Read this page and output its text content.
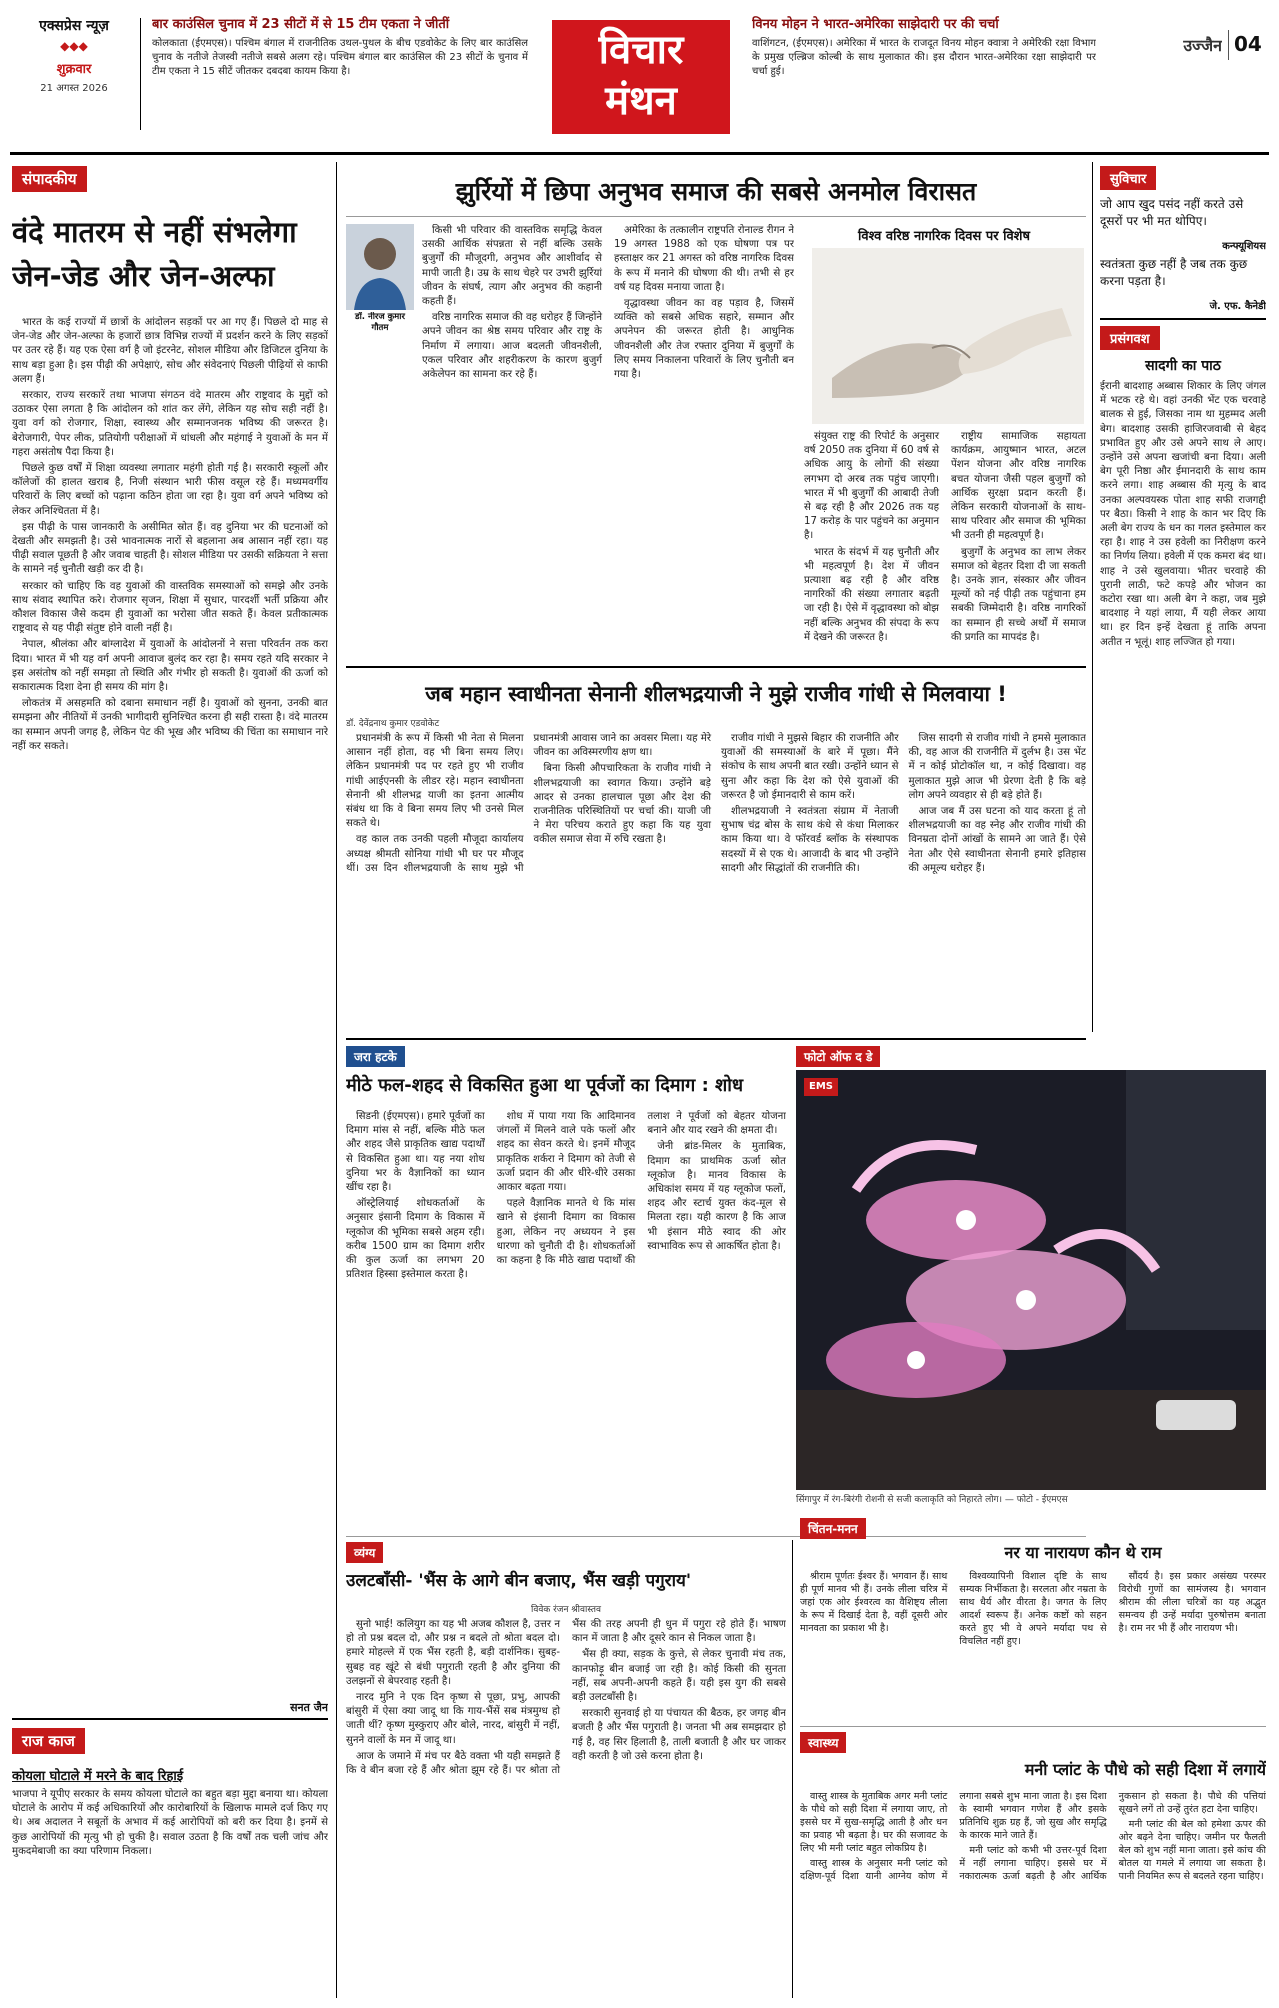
एक्सप्रेस न्यूज़
◆◆◆
शुक्रवार
21 अगस्त 2026
बार काउंसिल चुनाव में 23 सीटों में से 15 टीम एकता ने जीतीं
कोलकाता (ईएमएस)। पश्चिम बंगाल में राजनीतिक उथल-पुथल के बीच एडवोकेट के लिए बार काउंसिल चुनाव के नतीजे तेजस्वी नतीजे सबसे अलग रहे। पश्चिम बंगाल बार काउंसिल की 23 सीटों के चुनाव में टीम एकता ने 15 सीटें जीतकर दबदबा कायम किया है।	विचार
मंथन
विनय मोहन ने भारत-अमेरिका साझेदारी पर की चर्चा
वाशिंगटन, (ईएमएस)। अमेरिका में भारत के राजदूत विनय मोहन क्वात्रा ने अमेरिकी रक्षा विभाग के प्रमुख एल्ब्रिज कोल्बी के साथ मुलाकात की। इस दौरान भारत-अमेरिका रक्षा साझेदारी पर चर्चा हुई।
उज्जैन 04
संपादकीय
वंदे मातरम से नहीं संभलेगा जेन-जेड और जेन-अल्फा

भारत के कई राज्यों में छात्रों के आंदोलन सड़कों पर आ गए हैं। पिछले दो माह से जेन-जेड और जेन-अल्फा के हजारों छात्र विभिन्न राज्यों में प्रदर्शन करने के लिए सड़कों पर उतर रहे हैं। यह एक ऐसा वर्ग है जो इंटरनेट, सोशल मीडिया और डिजिटल दुनिया के साथ बड़ा हुआ है। इस पीढ़ी की अपेक्षाएं, सोच और संवेदनाएं पिछली पीढ़ियों से काफी अलग हैं।

सरकार, राज्य सरकारें तथा भाजपा संगठन वंदे मातरम और राष्ट्रवाद के मुद्दों को उठाकर ऐसा लगता है कि आंदोलन को शांत कर लेंगे, लेकिन यह सोच सही नहीं है। युवा वर्ग को रोजगार, शिक्षा, स्वास्थ्य और सम्मानजनक भविष्य की जरूरत है। बेरोजगारी, पेपर लीक, प्रतियोगी परीक्षाओं में धांधली और महंगाई ने युवाओं के मन में गहरा असंतोष पैदा किया है।

पिछले कुछ वर्षों में शिक्षा व्यवस्था लगातार महंगी होती गई है। सरकारी स्कूलों और कॉलेजों की हालत खराब है, निजी संस्थान भारी फीस वसूल रहे हैं। मध्यमवर्गीय परिवारों के लिए बच्चों को पढ़ाना कठिन होता जा रहा है। युवा वर्ग अपने भविष्य को लेकर अनिश्चितता में है।

इस पीढ़ी के पास जानकारी के असीमित स्रोत हैं। वह दुनिया भर की घटनाओं को देखती और समझती है। उसे भावनात्मक नारों से बहलाना अब आसान नहीं रहा। यह पीढ़ी सवाल पूछती है और जवाब चाहती है। सोशल मीडिया पर उसकी सक्रियता ने सत्ता के सामने नई चुनौती खड़ी कर दी है।

सरकार को चाहिए कि वह युवाओं की वास्तविक समस्याओं को समझे और उनके साथ संवाद स्थापित करे। रोजगार सृजन, शिक्षा में सुधार, पारदर्शी भर्ती प्रक्रिया और कौशल विकास जैसे कदम ही युवाओं का भरोसा जीत सकते हैं। केवल प्रतीकात्मक राष्ट्रवाद से यह पीढ़ी संतुष्ट होने वाली नहीं है।

नेपाल, श्रीलंका और बांग्लादेश में युवाओं के आंदोलनों ने सत्ता परिवर्तन तक करा दिया। भारत में भी यह वर्ग अपनी आवाज बुलंद कर रहा है। समय रहते यदि सरकार ने इस असंतोष को नहीं समझा तो स्थिति और गंभीर हो सकती है। युवाओं की ऊर्जा को सकारात्मक दिशा देना ही समय की मांग है।

लोकतंत्र में असहमति को दबाना समाधान नहीं है। युवाओं को सुनना, उनकी बात समझना और नीतियों में उनकी भागीदारी सुनिश्चित करना ही सही रास्ता है। वंदे मातरम का सम्मान अपनी जगह है, लेकिन पेट की भूख और भविष्य की चिंता का समाधान नारे नहीं कर सकते।

सनत जैन
राज काज
कोयला घोटाले में मरने के बाद रिहाई
भाजपा ने यूपीए सरकार के समय कोयला घोटाले का बहुत बड़ा मुद्दा बनाया था। कोयला घोटाले के आरोप में कई अधिकारियों और कारोबारियों के खिलाफ मामले दर्ज किए गए थे। अब अदालत ने सबूतों के अभाव में कई आरोपियों को बरी कर दिया है। इनमें से कुछ आरोपियों की मृत्यु भी हो चुकी है। सवाल उठता है कि वर्षों तक चली जांच और मुकदमेबाजी का क्या परिणाम निकला।
झुर्रियों में छिपा अनुभव समाज की सबसे अनमोल विरासत
डॉ. नीरज कुमार गौतम

किसी भी परिवार की वास्तविक समृद्धि केवल उसकी आर्थिक संपन्नता से नहीं बल्कि उसके बुजुर्गों की मौजूदगी, अनुभव और आशीर्वाद से मापी जाती है। उम्र के साथ चेहरे पर उभरी झुर्रियां जीवन के संघर्ष, त्याग और अनुभव की कहानी कहती हैं।

वरिष्ठ नागरिक समाज की वह धरोहर हैं जिन्होंने अपने जीवन का श्रेष्ठ समय परिवार और राष्ट्र के निर्माण में लगाया। आज बदलती जीवनशैली, एकल परिवार और शहरीकरण के कारण बुजुर्ग अकेलेपन का सामना कर रहे हैं।

अमेरिका के तत्कालीन राष्ट्रपति रोनाल्ड रीगन ने 19 अगस्त 1988 को एक घोषणा पत्र पर हस्ताक्षर कर 21 अगस्त को वरिष्ठ नागरिक दिवस के रूप में मनाने की घोषणा की थी। तभी से हर वर्ष यह दिवस मनाया जाता है।

वृद्धावस्था जीवन का वह पड़ाव है, जिसमें व्यक्ति को सबसे अधिक सहारे, सम्मान और अपनेपन की जरूरत होती है। आधुनिक जीवनशैली और तेज रफ्तार दुनिया में बुजुर्गों के लिए समय निकालना परिवारों के लिए चुनौती बन गया है।

विश्व वरिष्ठ नागरिक दिवस पर विशेष

संयुक्त राष्ट्र की रिपोर्ट के अनुसार वर्ष 2050 तक दुनिया में 60 वर्ष से अधिक आयु के लोगों की संख्या लगभग दो अरब तक पहुंच जाएगी। भारत में भी बुजुर्गों की आबादी तेजी से बढ़ रही है और 2026 तक यह 17 करोड़ के पार पहुंचने का अनुमान है।

भारत के संदर्भ में यह चुनौती और भी महत्वपूर्ण है। देश में जीवन प्रत्याशा बढ़ रही है और वरिष्ठ नागरिकों की संख्या लगातार बढ़ती जा रही है। ऐसे में वृद्धावस्था को बोझ नहीं बल्कि अनुभव की संपदा के रूप में देखने की जरूरत है।

राष्ट्रीय सामाजिक सहायता कार्यक्रम, आयुष्मान भारत, अटल पेंशन योजना और वरिष्ठ नागरिक बचत योजना जैसी पहल बुजुर्गों को आर्थिक सुरक्षा प्रदान करती हैं। लेकिन सरकारी योजनाओं के साथ-साथ परिवार और समाज की भूमिका भी उतनी ही महत्वपूर्ण है।

बुजुर्गों के अनुभव का लाभ लेकर समाज को बेहतर दिशा दी जा सकती है। उनके ज्ञान, संस्कार और जीवन मूल्यों को नई पीढ़ी तक पहुंचाना हम सबकी जिम्मेदारी है। वरिष्ठ नागरिकों का सम्मान ही सच्चे अर्थों में समाज की प्रगति का मापदंड है।

जब महान स्वाधीनता सेनानी शीलभद्रयाजी ने मुझे राजीव गांधी से मिलवाया !
डॉ. देवेंद्रनाथ कुमार एडवोकेट

प्रधानमंत्री के रूप में किसी भी नेता से मिलना आसान नहीं होता, वह भी बिना समय लिए। लेकिन प्रधानमंत्री पद पर रहते हुए भी राजीव गांधी आईएनसी के लीडर रहे। महान स्वाधीनता सेनानी श्री शीलभद्र याजी का इतना आत्मीय संबंध था कि वे बिना समय लिए भी उनसे मिल सकते थे।

वह काल तक उनकी पहली मौजूदा कार्यालय अध्यक्ष श्रीमती सोनिया गांधी भी घर पर मौजूद थीं। उस दिन शीलभद्रयाजी के साथ मुझे भी प्रधानमंत्री आवास जाने का अवसर मिला। यह मेरे जीवन का अविस्मरणीय क्षण था।

बिना किसी औपचारिकता के राजीव गांधी ने शीलभद्रयाजी का स्वागत किया। उन्होंने बड़े आदर से उनका हालचाल पूछा और देश की राजनीतिक परिस्थितियों पर चर्चा की। याजी जी ने मेरा परिचय कराते हुए कहा कि यह युवा वकील समाज सेवा में रुचि रखता है।

राजीव गांधी ने मुझसे बिहार की राजनीति और युवाओं की समस्याओं के बारे में पूछा। मैंने संकोच के साथ अपनी बात रखी। उन्होंने ध्यान से सुना और कहा कि देश को ऐसे युवाओं की जरूरत है जो ईमानदारी से काम करें।

शीलभद्रयाजी ने स्वतंत्रता संग्राम में नेताजी सुभाष चंद्र बोस के साथ कंधे से कंधा मिलाकर काम किया था। वे फॉरवर्ड ब्लॉक के संस्थापक सदस्यों में से एक थे। आजादी के बाद भी उन्होंने सादगी और सिद्धांतों की राजनीति की।

जिस सादगी से राजीव गांधी ने हमसे मुलाकात की, वह आज की राजनीति में दुर्लभ है। उस भेंट में न कोई प्रोटोकॉल था, न कोई दिखावा। वह मुलाकात मुझे आज भी प्रेरणा देती है कि बड़े लोग अपने व्यवहार से ही बड़े होते हैं।

आज जब मैं उस घटना को याद करता हूं तो शीलभद्रयाजी का वह स्नेह और राजीव गांधी की विनम्रता दोनों आंखों के सामने आ जाते हैं। ऐसे नेता और ऐसे स्वाधीनता सेनानी हमारे इतिहास की अमूल्य धरोहर हैं।

जरा हटके
मीठे फल-शहद से विकसित हुआ था पूर्वजों का दिमाग : शोध

सिडनी (ईएमएस)। हमारे पूर्वजों का दिमाग मांस से नहीं, बल्कि मीठे फल और शहद जैसे प्राकृतिक खाद्य पदार्थों से विकसित हुआ था। यह नया शोध दुनिया भर के वैज्ञानिकों का ध्यान खींच रहा है।

ऑस्ट्रेलियाई शोधकर्ताओं के अनुसार इंसानी दिमाग के विकास में ग्लूकोज की भूमिका सबसे अहम रही। करीब 1500 ग्राम का दिमाग शरीर की कुल ऊर्जा का लगभग 20 प्रतिशत हिस्सा इस्तेमाल करता है।

शोध में पाया गया कि आदिमानव जंगलों में मिलने वाले पके फलों और शहद का सेवन करते थे। इनमें मौजूद प्राकृतिक शर्करा ने दिमाग को तेजी से ऊर्जा प्रदान की और धीरे-धीरे उसका आकार बढ़ता गया।

पहले वैज्ञानिक मानते थे कि मांस खाने से इंसानी दिमाग का विकास हुआ, लेकिन नए अध्ययन ने इस धारणा को चुनौती दी है। शोधकर्ताओं का कहना है कि मीठे खाद्य पदार्थों की तलाश ने पूर्वजों को बेहतर योजना बनाने और याद रखने की क्षमता दी।

जेनी ब्रांड-मिलर के मुताबिक, दिमाग का प्राथमिक ऊर्जा स्रोत ग्लूकोज है। मानव विकास के अधिकांश समय में यह ग्लूकोज फलों, शहद और स्टार्च युक्त कंद-मूल से मिलता रहा। यही कारण है कि आज भी इंसान मीठे स्वाद की ओर स्वाभाविक रूप से आकर्षित होता है।

फोटो ऑफ द डे
EMS
सिंगापुर में रंग-बिरंगी रोशनी से सजी कलाकृति को निहारते लोग। — फोटो - ईएमएस
व्यंग्य
उलटबाँसी- 'भैंस के आगे बीन बजाए, भैंस खड़ी पगुराय'
विवेक रंजन श्रीवास्तव

सुनो भाई! कलियुग का यह भी अजब कौशल है, उत्तर न हो तो प्रश्न बदल दो, और प्रश्न न बदले तो श्रोता बदल दो। हमारे मोहल्ले में एक भैंस रहती है, बड़ी दार्शनिक। सुबह-सुबह वह खूंटे से बंधी पगुराती रहती है और दुनिया की उलझनों से बेपरवाह रहती है।

नारद मुनि ने एक दिन कृष्ण से पूछा, प्रभु, आपकी बांसुरी में ऐसा क्या जादू था कि गाय-भैंसें सब मंत्रमुग्ध हो जाती थीं? कृष्ण मुस्कुराए और बोले, नारद, बांसुरी में नहीं, सुनने वालों के मन में जादू था।

आज के जमाने में मंच पर बैठे वक्ता भी यही समझते हैं कि वे बीन बजा रहे हैं और श्रोता झूम रहे हैं। पर श्रोता तो भैंस की तरह अपनी ही धुन में पगुरा रहे होते हैं। भाषण कान में जाता है और दूसरे कान से निकल जाता है।

भैंस ही क्या, सड़क के कुत्ते, से लेकर चुनावी मंच तक, कानफोड़ू बीन बजाई जा रही है। कोई किसी की सुनता नहीं, सब अपनी-अपनी कहते हैं। यही इस युग की सबसे बड़ी उलटबाँसी है।

सरकारी सुनवाई हो या पंचायत की बैठक, हर जगह बीन बजती है और भैंस पगुराती है। जनता भी अब समझदार हो गई है, वह सिर हिलाती है, ताली बजाती है और घर जाकर वही करती है जो उसे करना होता है।

चिंतन-मनन
नर या नारायण कौन थे राम

श्रीराम पूर्णतः ईश्वर हैं। भगवान हैं। साथ ही पूर्ण मानव भी हैं। उनके लीला चरित्र में जहां एक ओर ईश्वरत्व का वैशिष्ट्य लीला के रूप में दिखाई देता है, वहीं दूसरी ओर मानवता का प्रकाश भी है।

विश्वव्यापिनी विशाल दृष्टि के साथ सम्यक निर्भीकता है। सरलता और नम्रता के साथ धैर्य और वीरता है। जगत के लिए आदर्श स्वरूप हैं। अनेक कष्टों को सहन करते हुए भी वे अपने मर्यादा पथ से विचलित नहीं हुए।

सौंदर्य है। इस प्रकार असंख्य परस्पर विरोधी गुणों का सामंजस्य है। भगवान श्रीराम की लीला चरित्रों का यह अद्भुत समन्वय ही उन्हें मर्यादा पुरुषोत्तम बनाता है। राम नर भी हैं और नारायण भी।

स्वास्थ्य
मनी प्लांट के पौधे को सही दिशा में लगायें

वास्तु शास्त्र के मुताबिक अगर मनी प्लांट के पौधे को सही दिशा में लगाया जाए, तो इससे घर में सुख-समृद्धि आती है और धन का प्रवाह भी बढ़ता है। घर की सजावट के लिए भी मनी प्लांट बहुत लोकप्रिय है।

वास्तु शास्त्र के अनुसार मनी प्लांट को दक्षिण-पूर्व दिशा यानी आग्नेय कोण में लगाना सबसे शुभ माना जाता है। इस दिशा के स्वामी भगवान गणेश हैं और इसके प्रतिनिधि शुक्र ग्रह हैं, जो सुख और समृद्धि के कारक माने जाते हैं।

मनी प्लांट को कभी भी उत्तर-पूर्व दिशा में नहीं लगाना चाहिए। इससे घर में नकारात्मक ऊर्जा बढ़ती है और आर्थिक नुकसान हो सकता है। पौधे की पत्तियां सूखने लगें तो उन्हें तुरंत हटा देना चाहिए।

मनी प्लांट की बेल को हमेशा ऊपर की ओर बढ़ने देना चाहिए। जमीन पर फैलती बेल को शुभ नहीं माना जाता। इसे कांच की बोतल या गमले में लगाया जा सकता है। पानी नियमित रूप से बदलते रहना चाहिए।

सुविचार
जो आप खुद पसंद नहीं करते उसे दूसरों पर भी मत थोपिए।
कन्फ्यूशियस
स्वतंत्रता कुछ नहीं है जब तक कुछ करना पड़ता है।
जे. एफ. कैनेडी
प्रसंगवश
सादगी का पाठ
ईरानी बादशाह अब्बास शिकार के लिए जंगल में भटक रहे थे। वहां उनकी भेंट एक चरवाहे बालक से हुई, जिसका नाम था मुहम्मद अली बेग। बादशाह उसकी हाजिरजवाबी से बेहद प्रभावित हुए और उसे अपने साथ ले आए। उन्होंने उसे अपना खजांची बना दिया। अली बेग पूरी निष्ठा और ईमानदारी के साथ काम करने लगा। शाह अब्बास की मृत्यु के बाद उनका अल्पवयस्क पोता शाह सफी राजगद्दी पर बैठा। किसी ने शाह के कान भर दिए कि अली बेग राज्य के धन का गलत इस्तेमाल कर रहा है। शाह ने उस हवेली का निरीक्षण करने का निर्णय लिया। हवेली में एक कमरा बंद था। शाह ने उसे खुलवाया। भीतर चरवाहे की पुरानी लाठी, फटे कपड़े और भोजन का कटोरा रखा था। अली बेग ने कहा, जब मुझे बादशाह ने यहां लाया, मैं यही लेकर आया था। हर दिन इन्हें देखता हूं ताकि अपना अतीत न भूलूं। शाह लज्जित हो गया।
